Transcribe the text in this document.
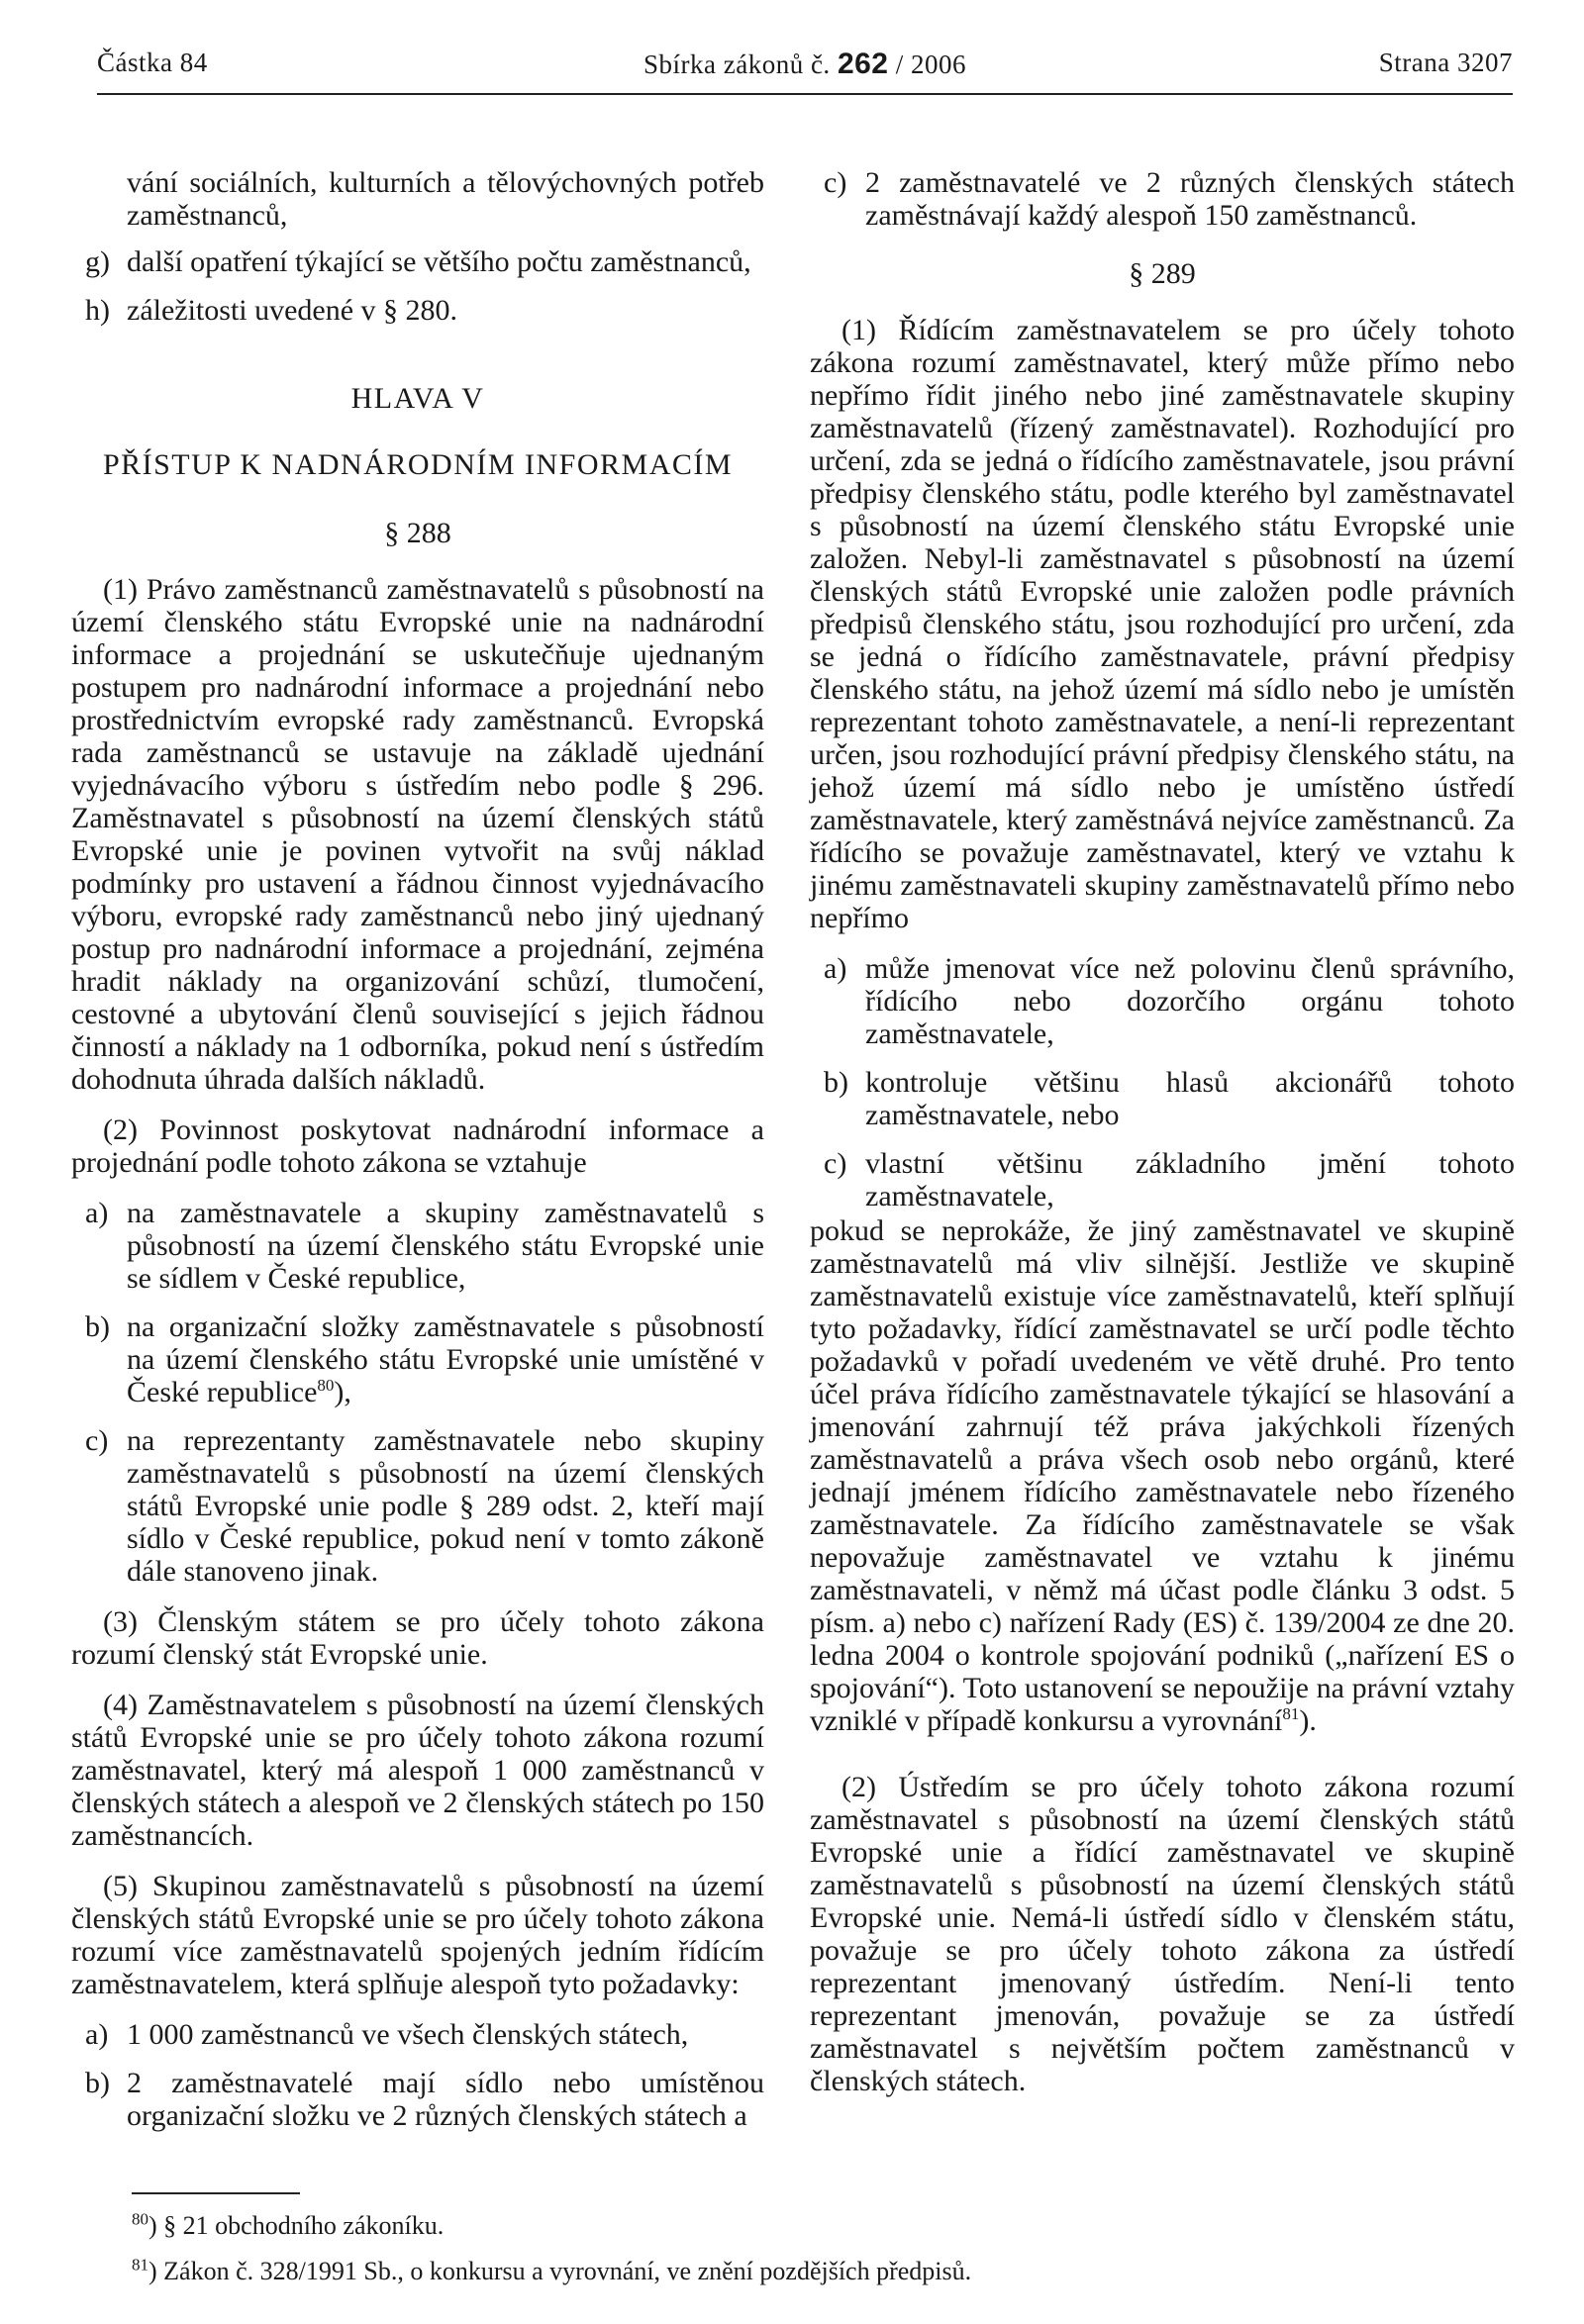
Částka 84	Sbírka zákonů č. 262 / 2006	Strana 3207

vání sociálních, kulturních a tělovýchovných potřeb zaměstnanců,

g) další opatření týkající se většího počtu zaměstnanců,
h) záležitosti uvedené v § 280.

HLAVA V

PŘÍSTUP K NADNÁRODNÍM INFORMACÍM

§ 288

(1) Právo zaměstnanců zaměstnavatelů s působností na území členského státu Evropské unie na nadnárodní informace a projednání se uskutečňuje ujednaným postupem pro nadnárodní informace a projednání nebo prostřednictvím evropské rady zaměstnanců. Evropská rada zaměstnanců se ustavuje na základě ujednání vyjednávacího výboru s ústředím nebo podle § 296. Zaměstnavatel s působností na území členských států Evropské unie je povinen vytvořit na svůj náklad podmínky pro ustavení a řádnou činnost vyjednávacího výboru, evropské rady zaměstnanců nebo jiný ujednaný postup pro nadnárodní informace a projednání, zejména hradit náklady na organizování schůzí, tlumočení, cestovné a ubytování členů související s jejich řádnou činností a náklady na 1 odborníka, pokud není s ústředím dohodnuta úhrada dalších nákladů.

(2) Povinnost poskytovat nadnárodní informace a projednání podle tohoto zákona se vztahuje

a) na zaměstnavatele a skupiny zaměstnavatelů s působností na území členského státu Evropské unie se sídlem v České republice,
b) na organizační složky zaměstnavatele s působností na území členského státu Evropské unie umístěné v České republice$^{80}$),
c) na reprezentanty zaměstnavatele nebo skupiny zaměstnavatelů s působností na území členských států Evropské unie podle § 289 odst. 2, kteří mají sídlo v České republice, pokud není v tomto zákoně dále stanoveno jinak.

(3) Členským státem se pro účely tohoto zákona rozumí členský stát Evropské unie.

(4) Zaměstnavatelem s působností na území členských států Evropské unie se pro účely tohoto zákona rozumí zaměstnavatel, který má alespoň 1 000 zaměstnanců v členských státech a alespoň ve 2 členských státech po 150 zaměstnancích.

(5) Skupinou zaměstnavatelů s působností na území členských států Evropské unie se pro účely tohoto zákona rozumí více zaměstnavatelů spojených jedním řídícím zaměstnavatelem, která splňuje alespoň tyto požadavky:

a) 1 000 zaměstnanců ve všech členských státech,
b) 2 zaměstnavatelé mají sídlo nebo umístěnou organizační složku ve 2 různých členských státech a
c) 2 zaměstnavatelé ve 2 různých členských státech zaměstnávají každý alespoň 150 zaměstnanců.

§ 289

(1) Řídícím zaměstnavatelem se pro účely tohoto zákona rozumí zaměstnavatel, který může přímo nebo nepřímo řídit jiného nebo jiné zaměstnavatele skupiny zaměstnavatelů (řízený zaměstnavatel). Rozhodující pro určení, zda se jedná o řídícího zaměstnavatele, jsou právní předpisy členského státu, podle kterého byl zaměstnavatel s působností na území členského státu Evropské unie založen. Nebyl-li zaměstnavatel s působností na území členských států Evropské unie založen podle právních předpisů členského státu, jsou rozhodující pro určení, zda se jedná o řídícího zaměstnavatele, právní předpisy členského státu, na jehož území má sídlo nebo je umístěn reprezentant tohoto zaměstnavatele, a není-li reprezentant určen, jsou rozhodující právní předpisy členského státu, na jehož území má sídlo nebo je umístěno ústředí zaměstnavatele, který zaměstnává nejvíce zaměstnanců. Za řídícího se považuje zaměstnavatel, který ve vztahu k jinému zaměstnavateli skupiny zaměstnavatelů přímo nebo nepřímo

a) může jmenovat více než polovinu členů správního, řídícího nebo dozorčího orgánu tohoto zaměstnavatele,
b) kontroluje většinu hlasů akcionářů tohoto zaměstnavatele, nebo
c) vlastní většinu základního jmění tohoto zaměstnavatele,

pokud se neprokáže, že jiný zaměstnavatel ve skupině zaměstnavatelů má vliv silnější. Jestliže ve skupině zaměstnavatelů existuje více zaměstnavatelů, kteří splňují tyto požadavky, řídící zaměstnavatel se určí podle těchto požadavků v pořadí uvedeném ve větě druhé. Pro tento účel práva řídícího zaměstnavatele týkající se hlasování a jmenování zahrnují též práva jakýchkoli řízených zaměstnavatelů a práva všech osob nebo orgánů, které jednají jménem řídícího zaměstnavatele nebo řízeného zaměstnavatele. Za řídícího zaměstnavatele se však nepovažuje zaměstnavatel ve vztahu k jinému zaměstnavateli, v němž má účast podle článku 3 odst. 5 písm. a) nebo c) nařízení Rady (ES) č. 139/2004 ze dne 20. ledna 2004 o kontrole spojování podniků („nařízení ES o spojování“). Toto ustanovení se nepoužije na právní vztahy vzniklé v případě konkursu a vyrovnání$^{81}$).

(2) Ústředím se pro účely tohoto zákona rozumí zaměstnavatel s působností na území členských států Evropské unie a řídící zaměstnavatel ve skupině zaměstnavatelů s působností na území členských států Evropské unie. Nemá-li ústředí sídlo v členském státu, považuje se pro účely tohoto zákona za ústředí reprezentant jmenovaný ústředím. Není-li tento reprezentant jmenován, považuje se za ústředí zaměstnavatel s největším počtem zaměstnanců v členských státech.

$^{80}$) § 21 obchodního zákoníku.

$^{81}$) Zákon č. 328/1991 Sb., o konkursu a vyrovnání, ve znění pozdějších předpisů.
